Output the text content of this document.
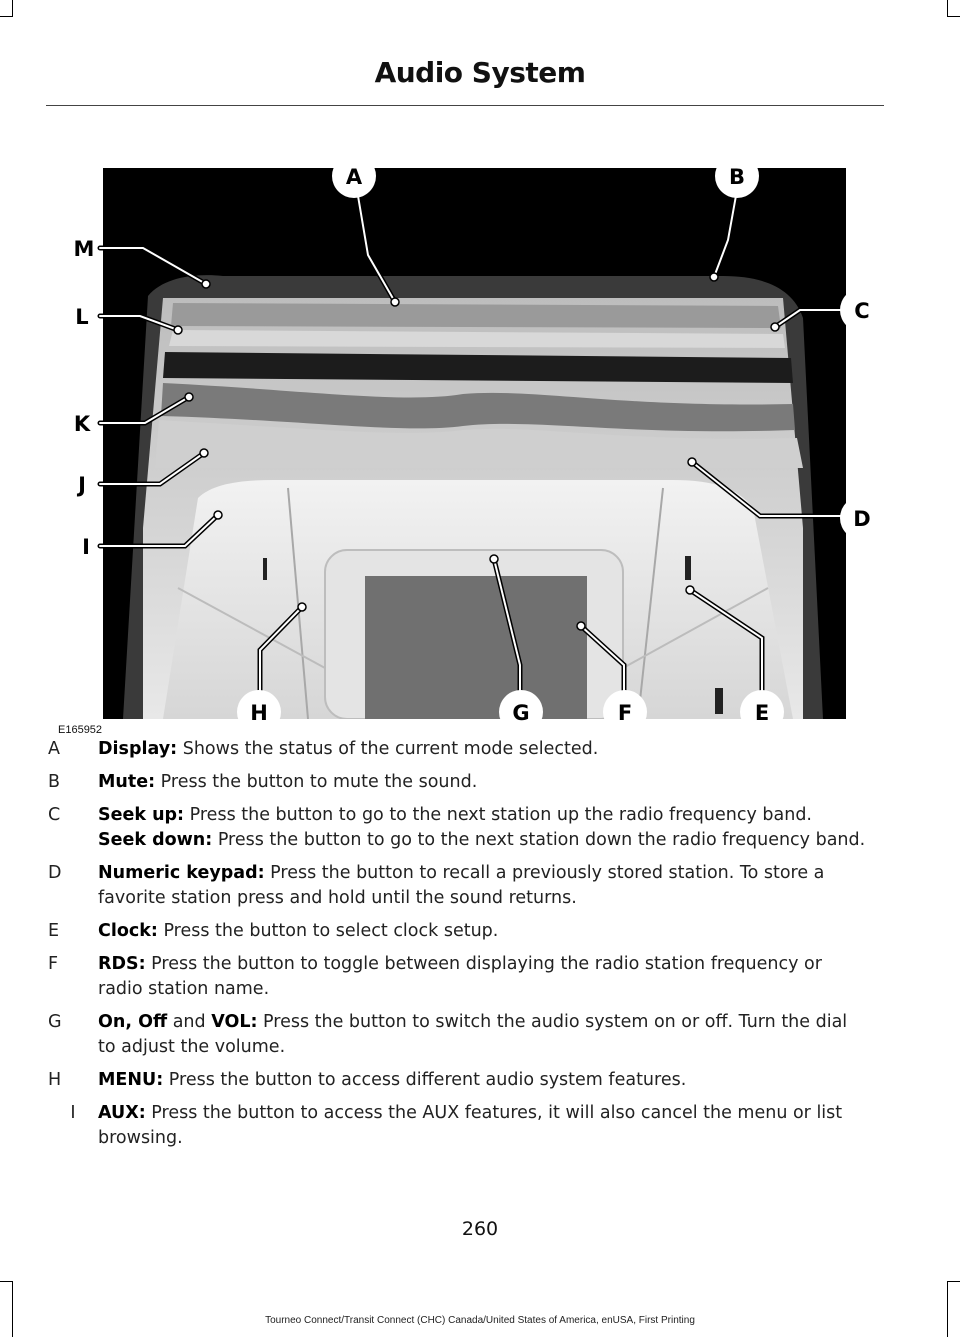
Audio System
A	B
C
D
E
F
G
H
I
J
K
L
M
E165952
A	Display: Shows the status of the current mode selected.
B	Mute: Press the button to mute the sound.
C	Seek up: Press the button to go to the next station up the radio frequency band.
Seek down: Press the button to go to the next station down the radio frequency band.
D	Numeric keypad: Press the button to recall a previously stored station. To store a favorite station press and hold until the sound returns.
E	Clock: Press the button to select clock setup.
F	RDS: Press the button to toggle between displaying the radio station frequency or radio station name.
G	On, Off and VOL: Press the button to switch the audio system on or off. Turn the dial to adjust the volume.
H	MENU: Press the button to access different audio system features.
I	AUX: Press the button to access the AUX features, it will also cancel the menu or list browsing.
260
Tourneo Connect/Transit Connect (CHC) Canada/United States of America, enUSA, First Printing
